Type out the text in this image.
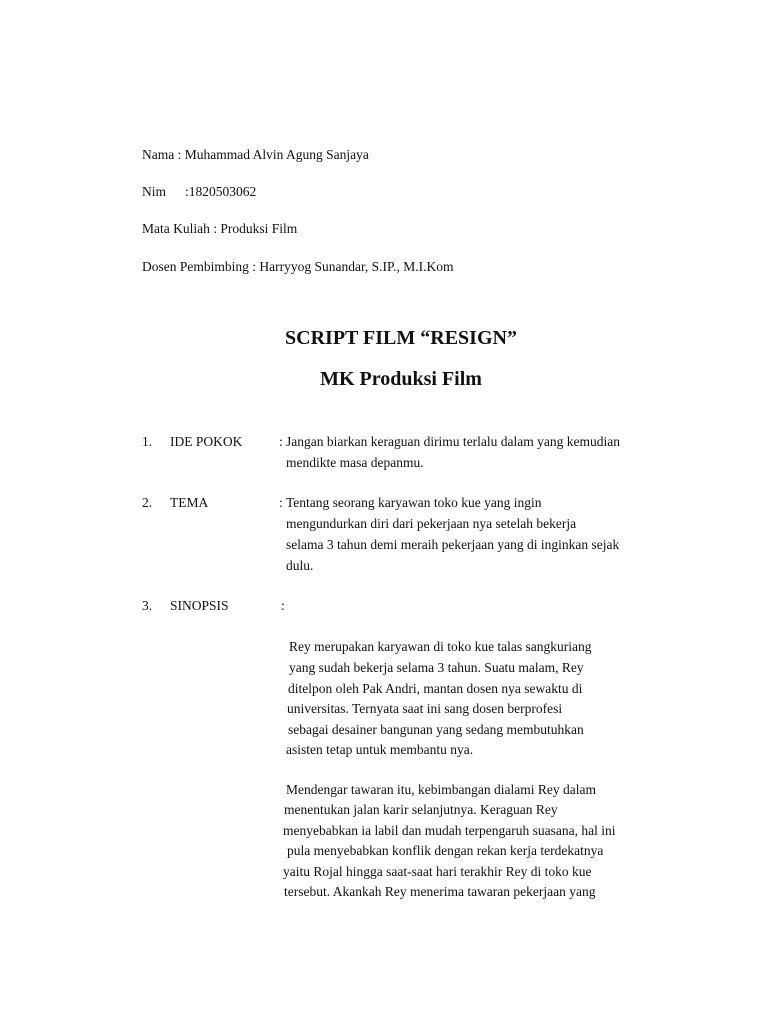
Nama : Muhammad Alvin Agung Sanjaya
Nim :1820503062
Mata Kuliah : Produksi Film
Dosen Pembimbing : Harryyog Sunandar, S.IP., M.I.Kom
SCRIPT FILM “RESIGN”
MK Produksi Film
1. IDE POKOK	: Jangan biarkan keraguan dirimu terlalu dalam yang kemudian
mendikte masa depanmu.
2. TEMA	: Tentang seorang karyawan toko kue yang ingin
mengundurkan diri dari pekerjaan nya setelah bekerja
selama 3 tahun demi meraih pekerjaan yang di inginkan sejak
dulu.
3. SINOPSIS	:
Rey merupakan karyawan di toko kue talas sangkuriang
yang sudah bekerja selama 3 tahun. Suatu malam, Rey
ditelpon oleh Pak Andri, mantan dosen nya sewaktu di
universitas. Ternyata saat ini sang dosen berprofesi
sebagai desainer bangunan yang sedang membutuhkan
asisten tetap untuk membantu nya.
Mendengar tawaran itu, kebimbangan dialami Rey dalam
menentukan jalan karir selanjutnya. Keraguan Rey
menyebabkan ia labil dan mudah terpengaruh suasana, hal ini
pula menyebabkan konflik dengan rekan kerja terdekatnya
yaitu Rojal hingga saat-saat hari terakhir Rey di toko kue
tersebut. Akankah Rey menerima tawaran pekerjaan yang
